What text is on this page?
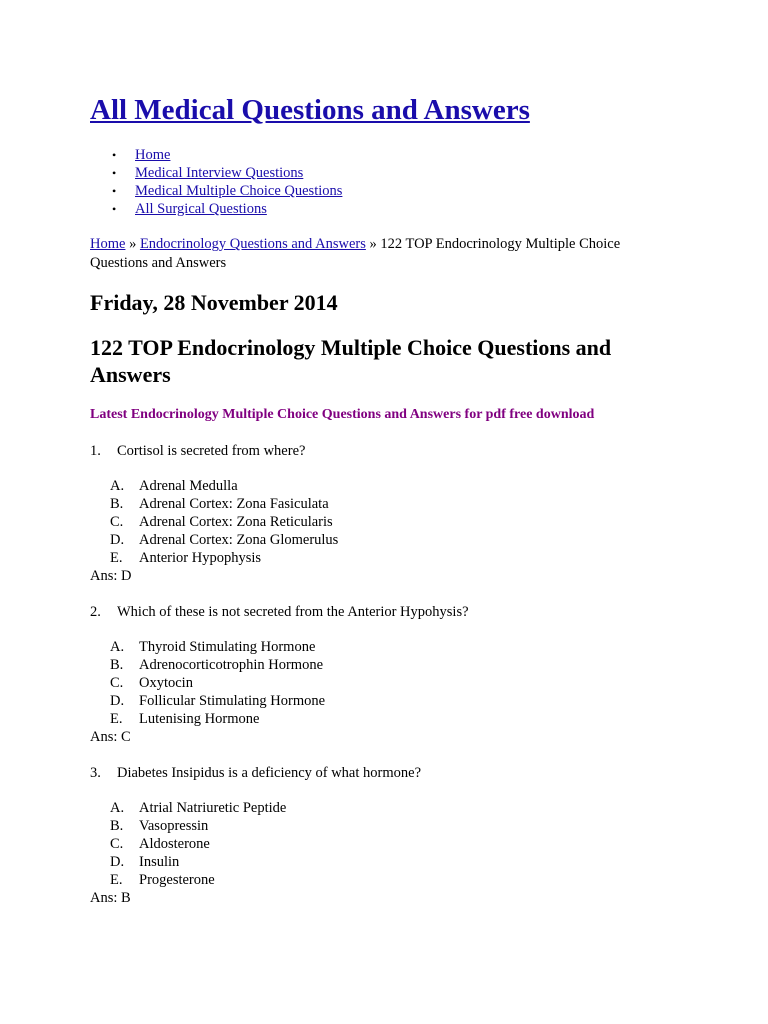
All Medical Questions and Answers
• Home
• Medical Interview Questions
• Medical Multiple Choice Questions
• All Surgical Questions
Home » Endocrinology Questions and Answers » 122 TOP Endocrinology Multiple Choice Questions and Answers
Friday, 28 November 2014
122 TOP Endocrinology Multiple Choice Questions and Answers

Latest Endocrinology Multiple Choice Questions and Answers for pdf free download

1. Cortisol is secreted from where?
A. Adrenal Medulla
B. Adrenal Cortex: Zona Fasiculata
C. Adrenal Cortex: Zona Reticularis
D. Adrenal Cortex: Zona Glomerulus
E. Anterior Hypophysis
Ans: D
2. Which of these is not secreted from the Anterior Hypohysis?
A. Thyroid Stimulating Hormone
B. Adrenocorticotrophin Hormone
C. Oxytocin
D. Follicular Stimulating Hormone
E. Lutenising Hormone
Ans: C
3. Diabetes Insipidus is a deficiency of what hormone?
A. Atrial Natriuretic Peptide
B. Vasopressin
C. Aldosterone
D. Insulin
E. Progesterone
Ans: B
